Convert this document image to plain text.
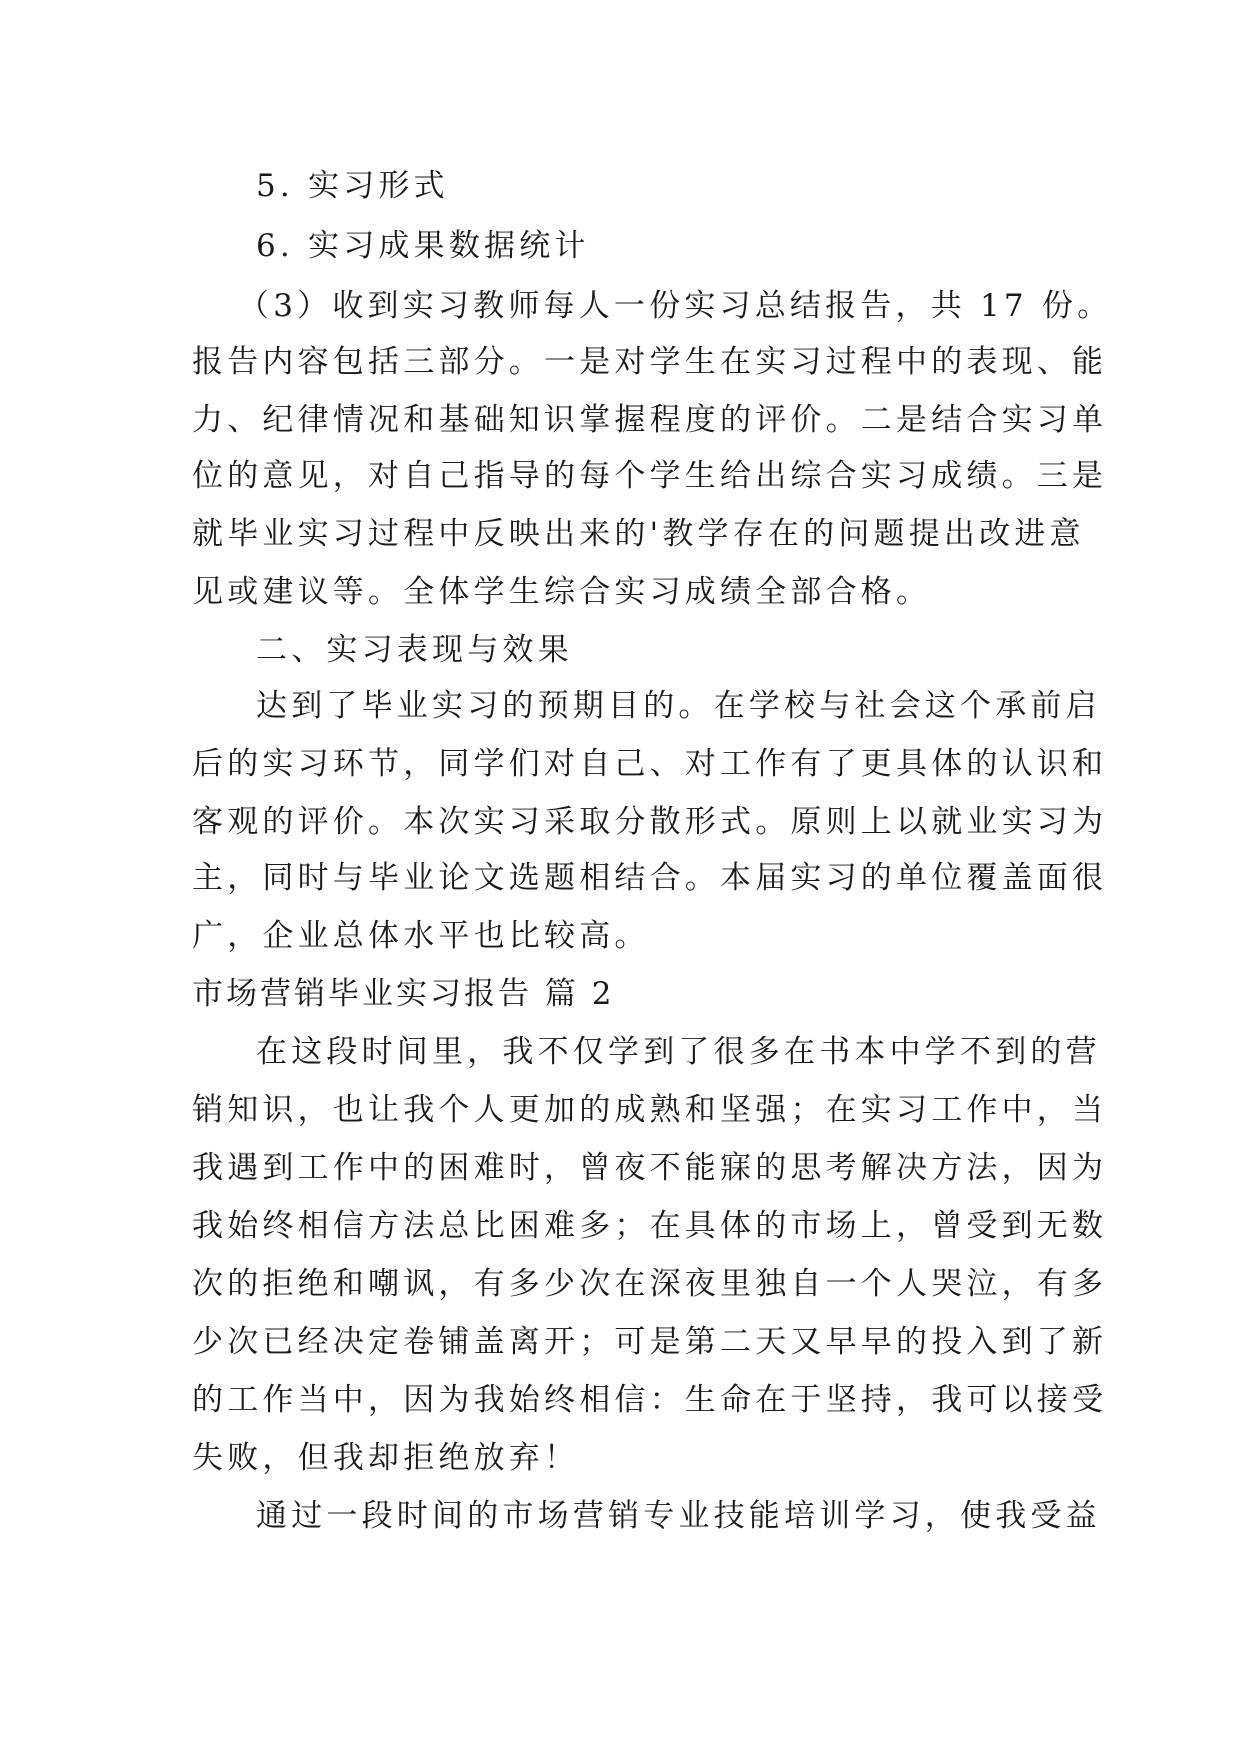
5. 实习形式
6. 实习成果数据统计
（3）收到实习教师每人一份实习总结报告，共 17 份。
报告内容包括三部分。一是对学生在实习过程中的表现、能
力、纪律情况和基础知识掌握程度的评价。二是结合实习单
位的意见，对自己指导的每个学生给出综合实习成绩。三是
就毕业实习过程中反映出来的'教学存在的问题提出改进意
见或建议等。全体学生综合实习成绩全部合格。
二、实习表现与效果
达到了毕业实习的预期目的。在学校与社会这个承前启
后的实习环节，同学们对自己、对工作有了更具体的认识和
客观的评价。本次实习采取分散形式。原则上以就业实习为
主，同时与毕业论文选题相结合。本届实习的单位覆盖面很
广，企业总体水平也比较高。
市场营销毕业实习报告 篇 2
在这段时间里，我不仅学到了很多在书本中学不到的营
销知识，也让我个人更加的成熟和坚强；在实习工作中，当
我遇到工作中的困难时，曾夜不能寐的思考解决方法，因为
我始终相信方法总比困难多；在具体的市场上，曾受到无数
次的拒绝和嘲讽，有多少次在深夜里独自一个人哭泣，有多
少次已经决定卷铺盖离开；可是第二天又早早的投入到了新
的工作当中，因为我始终相信：生命在于坚持，我可以接受
失败，但我却拒绝放弃！
通过一段时间的市场营销专业技能培训学习，使我受益
